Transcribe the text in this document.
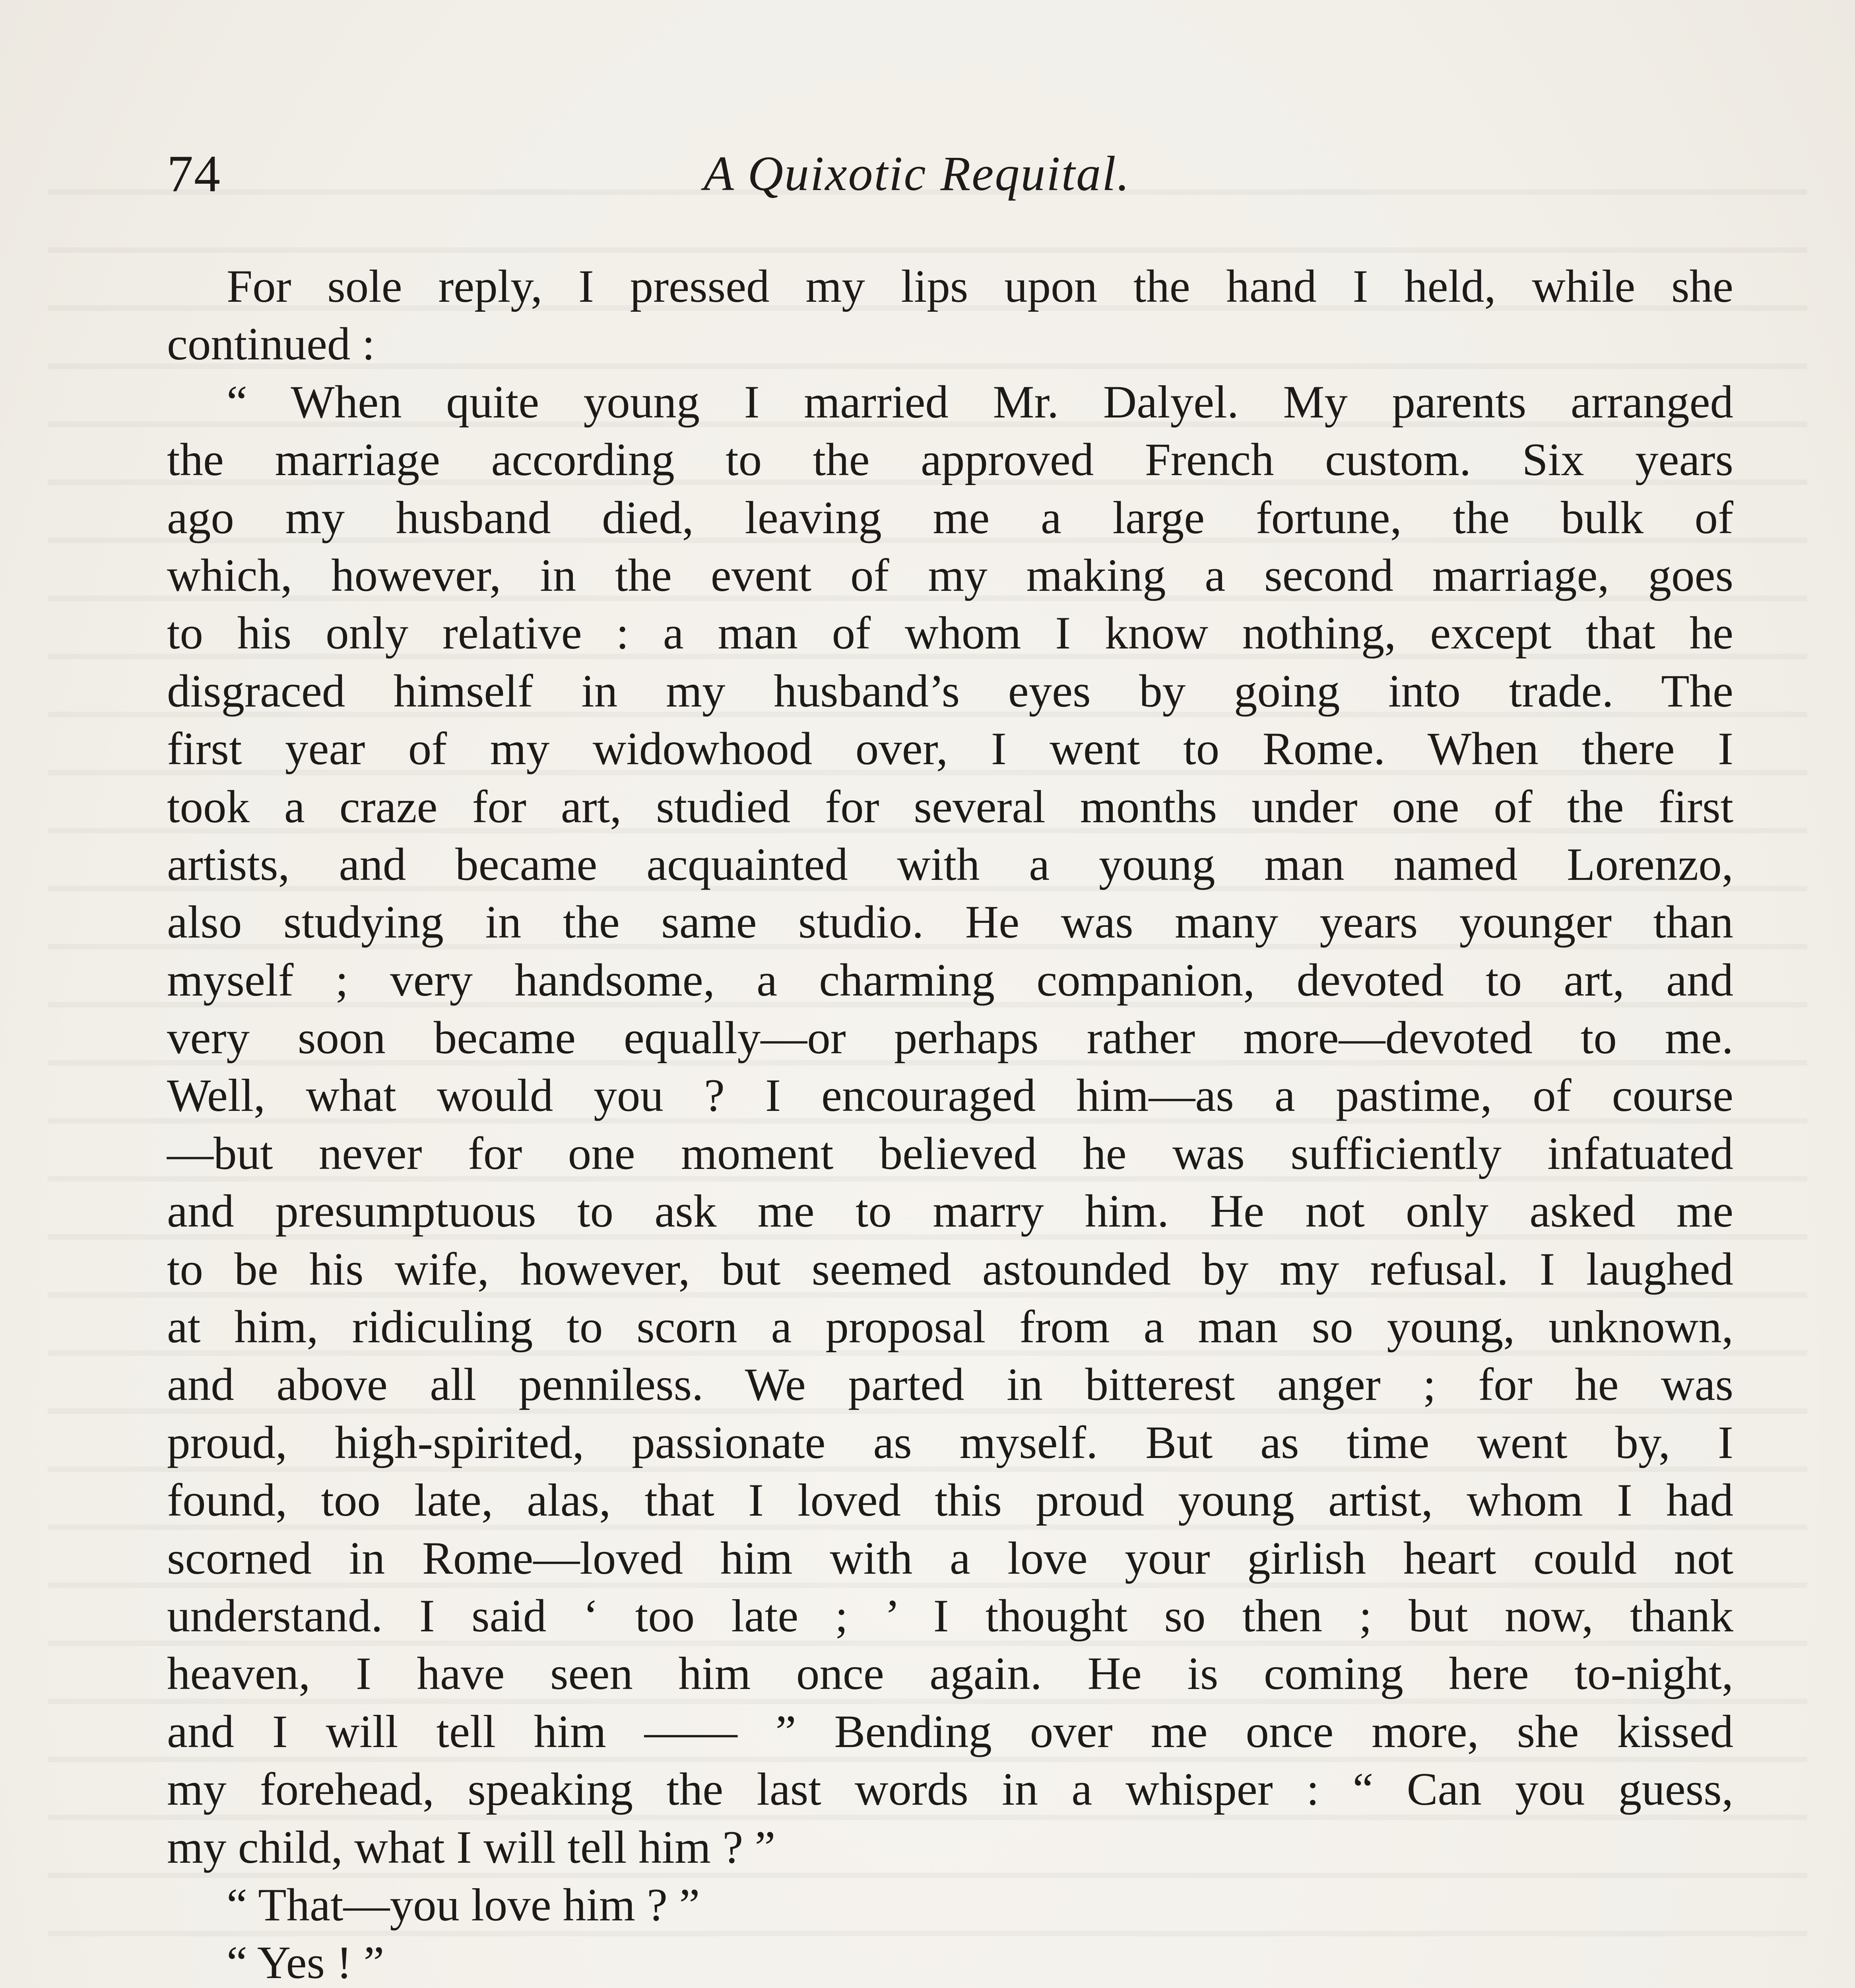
74	A Quixotic Requital.
For sole reply, I pressed my lips upon the hand I held, while she
continued :
“ When quite young I married Mr. Dalyel. My parents arranged
the marriage according to the approved French custom. Six years
ago my husband died, leaving me a large fortune, the bulk of
which, however, in the event of my making a second marriage, goes
to his only relative : a man of whom I know nothing, except that he
disgraced himself in my husband’s eyes by going into trade. The
first year of my widowhood over, I went to Rome. When there I
took a craze for art, studied for several months under one of the first
artists, and became acquainted with a young man named Lorenzo,
also studying in the same studio. He was many years younger than
myself ; very handsome, a charming companion, devoted to art, and
very soon became equally—or perhaps rather more—devoted to me.
Well, what would you ? I encouraged him—as a pastime, of course
—but never for one moment believed he was sufficiently infatuated
and presumptuous to ask me to marry him. He not only asked me
to be his wife, however, but seemed astounded by my refusal. I laughed
at him, ridiculing to scorn a proposal from a man so young, unknown,
and above all penniless. We parted in bitterest anger ; for he was
proud, high-spirited, passionate as myself. But as time went by, I
found, too late, alas, that I loved this proud young artist, whom I had
scorned in Rome—loved him with a love your girlish heart could not
understand. I said ‘ too late ; ’ I thought so then ; but now, thank
heaven, I have seen him once again. He is coming here to-night,
and I will tell him —— ” Bending over me once more, she kissed
my forehead, speaking the last words in a whisper : “ Can you guess,
my child, what I will tell him ? ”
“ That—you love him ? ”
“ Yes ! ”
